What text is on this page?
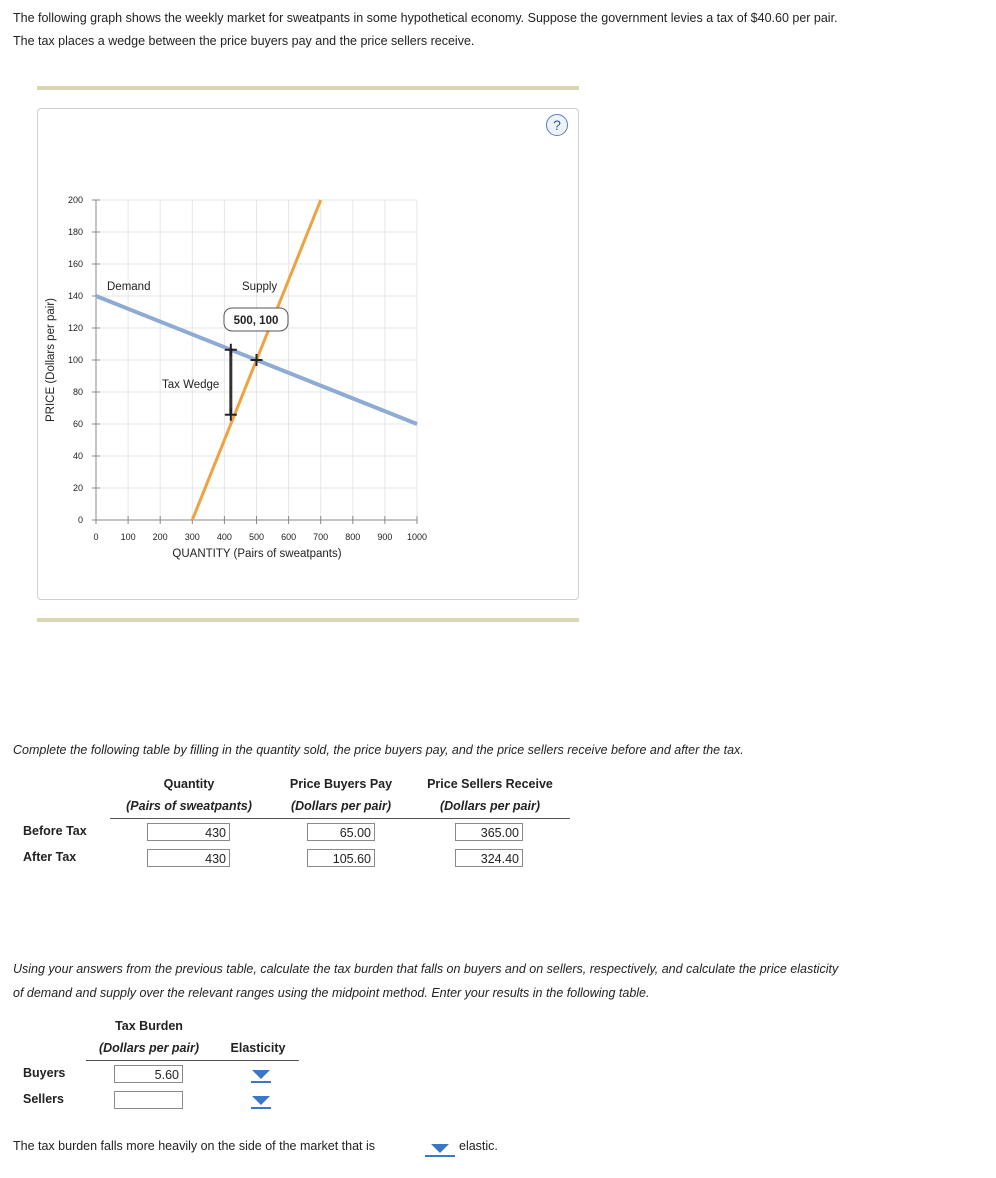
The following graph shows the weekly market for sweatpants in some hypothetical economy. Suppose the government levies a tax of $40.60 per pair.
The tax places a wedge between the price buyers pay and the price sellers receive.
?
0 100 200 300 400 500 600 700 800 900 1000
0
20
40
60
80
100
120
140
160
180
200
QUANTITY (Pairs of sweatpants)
PRICE (Dollars per pair)
Demand	Supply
Tax Wedge
500, 100
Complete the following table by filling in the quantity sold, the price buyers pay, and the price sellers receive before and after the tax.
Quantity
(Pairs of sweatpants)
Price Buyers Pay
(Dollars per pair)
Price Sellers Receive
(Dollars per pair)
Before Tax	430	65.00	365.00
After Tax	430	105.60	324.40
Using your answers from the previous table, calculate the tax burden that falls on buyers and on sellers, respectively, and calculate the price elasticity
of demand and supply over the relevant ranges using the midpoint method. Enter your results in the following table.
Tax Burden
(Dollars per pair)	Elasticity
Buyers	5.60
Sellers
The tax burden falls more heavily on the side of the market that is	elastic.
